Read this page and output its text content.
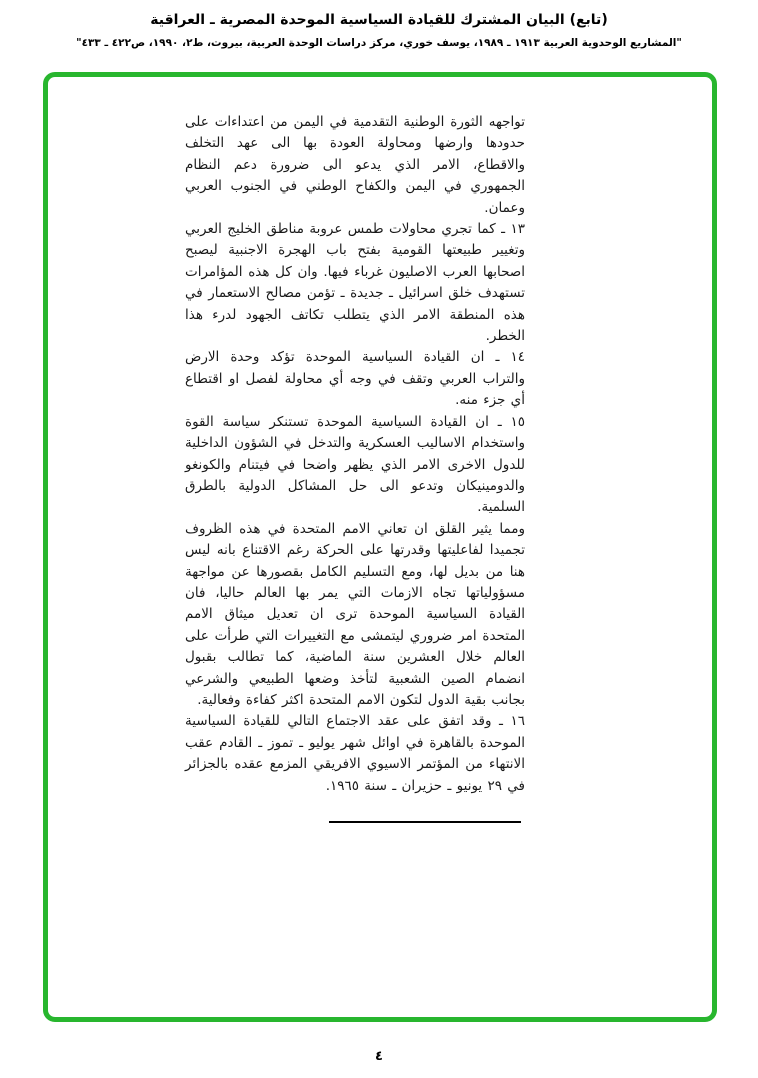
(تابع) البيان المشترك للقيادة السياسية الموحدة المصرية ـ العراقية
"المشاريع الوحدوية العربية ١٩١٣ ـ ١٩٨٩، يوسف خوري، مركز دراسات الوحدة العربية، بيروت، ط٢، ١٩٩٠، ص٤٢٢ ـ ٤٣٣"

تواجهه الثورة الوطنية التقدمية في اليمن من اعتداءات على حدودها وارضها ومحاولة العودة بها الى عهد التخلف والاقطاع، الامر الذي يدعو الى ضرورة دعم النظام الجمهوري في اليمن والكفاح الوطني في الجنوب العربي وعمان.

١٣ ـ كما تجري محاولات طمس عروبة مناطق الخليج العربي وتغيير طبيعتها القومية بفتح باب الهجرة الاجنبية ليصبح اصحابها العرب الاصليون غرباء فيها. وان كل هذه المؤامرات تستهدف خلق اسرائيل ـ جديدة ـ تؤمن مصالح الاستعمار في هذه المنطقة الامر الذي يتطلب تكاتف الجهود لدرء هذا الخطر.

١٤ ـ ان القيادة السياسية الموحدة تؤكد وحدة الارض والتراب العربي وتقف في وجه أي محاولة لفصل او اقتطاع أي جزء منه.

١٥ ـ ان القيادة السياسية الموحدة تستنكر سياسة القوة واستخدام الاساليب العسكرية والتدخل في الشؤون الداخلية للدول الاخرى الامر الذي يظهر واضحا في فيتنام والكونغو والدومينيكان وتدعو الى حل المشاكل الدولية بالطرق السلمية.

ومما يثير القلق ان تعاني الامم المتحدة في هذه الظروف تجميدا لفاعليتها وقدرتها على الحركة رغم الاقتناع بانه ليس هنا من بديل لها، ومع التسليم الكامل بقصورها عن مواجهة مسؤولياتها تجاه الازمات التي يمر بها العالم حاليا، فان القيادة السياسية الموحدة ترى ان تعديل ميثاق الامم المتحدة امر ضروري ليتمشى مع التغييرات التي طرأت على العالم خلال العشرين سنة الماضية، كما تطالب بقبول انضمام الصين الشعبية لتأخذ وضعها الطبيعي والشرعي بجانب بقية الدول لتكون الامم المتحدة اكثر كفاءة وفعالية.

١٦ ـ وقد اتفق على عقد الاجتماع التالي للقيادة السياسية الموحدة بالقاهرة في اوائل شهر يوليو ـ تموز ـ القادم عقب الانتهاء من المؤتمر الاسيوي الافريقي المزمع عقده بالجزائر في ٢٩ يونيو ـ حزيران ـ سنة ١٩٦٥.

٤
